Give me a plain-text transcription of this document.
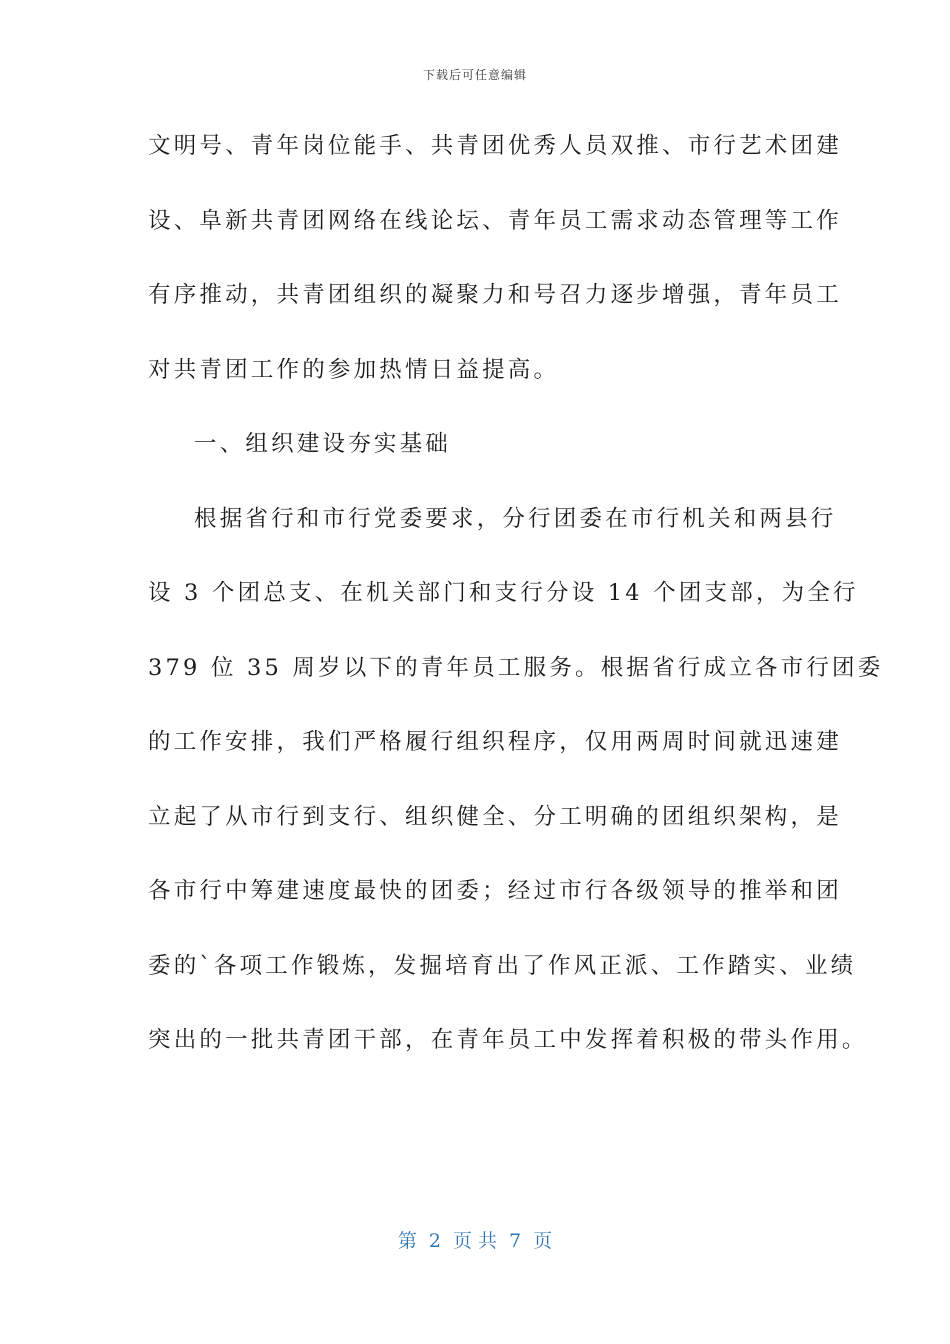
下载后可任意编辑
文明号、青年岗位能手、共青团优秀人员双推、市行艺术团建
设、阜新共青团网络在线论坛、青年员工需求动态管理等工作
有序推动，共青团组织的凝聚力和号召力逐步增强，青年员工
对共青团工作的参加热情日益提高。
一、组织建设夯实基础
根据省行和市行党委要求，分行团委在市行机关和两县行
设 3 个团总支、在机关部门和支行分设 14 个团支部，为全行
379 位 35 周岁以下的青年员工服务。根据省行成立各市行团委
的工作安排，我们严格履行组织程序，仅用两周时间就迅速建
立起了从市行到支行、组织健全、分工明确的团组织架构，是
各市行中筹建速度最快的团委；经过市行各级领导的推举和团
委的`各项工作锻炼，发掘培育出了作风正派、工作踏实、业绩
突出的一批共青团干部，在青年员工中发挥着积极的带头作用。
第 2 页 共 7 页
